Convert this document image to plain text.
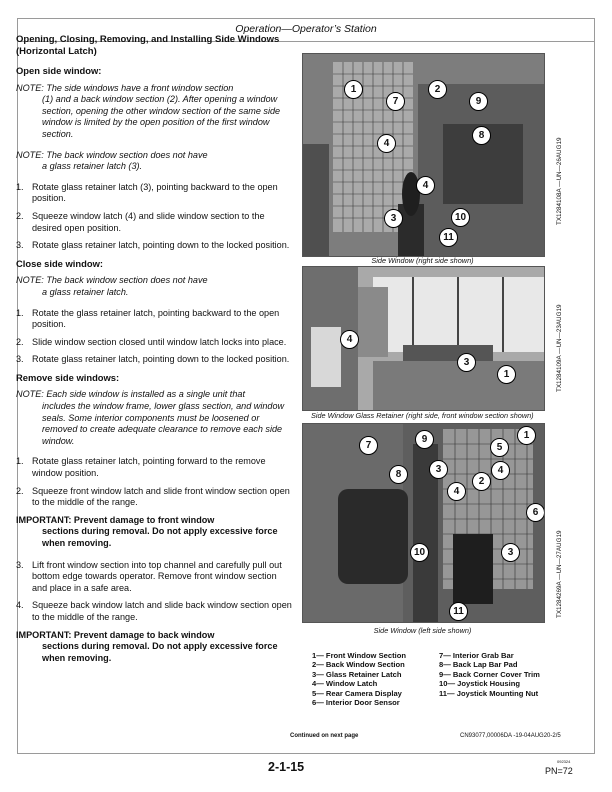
Operation—Operator’s Station
Opening, Closing, Removing, and Installing Side Windows (Horizontal Latch)
Open side window:
NOTE: The side windows have a front window section
(1) and a back window section (2). After opening a window section, opening the other window section of the same side window is limited by the open position of the first window section.
NOTE: The back window section does not have
a glass retainer latch (3).
1. Rotate glass retainer latch (3), pointing backward to the open position.
2. Squeeze window latch (4) and slide window section to the desired open position.
3. Rotate glass retainer latch, pointing down to the locked position.
Close side window:
NOTE: The back window section does not have
a glass retainer latch.
1. Rotate the glass retainer latch, pointing backward to the open position.
2. Slide window section closed until window latch locks into place.
3. Rotate glass retainer latch, pointing down to the locked position.
Remove side windows:
NOTE: Each side window is installed as a single unit that
includes the window frame, lower glass section, and window seals. Some interior components must be loosened or removed to create adequate clearance to remove each side window.
1. Rotate glass retainer latch, pointing forward to the remove window position.
2. Squeeze front window latch and slide front window section open to the middle of the range.
IMPORTANT: Prevent damage to front window
sections during removal. Do not apply excessive force when removing.
3. Lift front window section into top channel and carefully pull out bottom edge towards operator. Remove front window section and place in a safe area.
4. Squeeze back window latch and slide back window section open to the middle of the range.
IMPORTANT: Prevent damage to back window
sections during removal. Do not apply excessive force when removing.
1
7
2
9
4
8
4
3	10
11
Side Window (right side shown)
TX1284108A —UN—26AUG19
4
3
1
Side Window Glass Retainer (right side, front window section shown)
TX1284109A —UN—23AUG19
7
9
8	3
5
1
4
2
4
6
10	3
11
Side Window (left side shown)
TX1284269A —UN—27AUG19
1— Front Window Section
2— Back Window Section
3— Glass Retainer Latch
4— Window Latch
5— Rear Camera Display
6— Interior Door Sensor
7— Interior Grab Bar
8— Back Lap Bar Pad
9— Back Corner Cover Trim
10— Joystick Housing
11— Joystick Mounting Nut
Continued on next page	CN93077,00006DA -19-04AUG20-2/5
2-1-15	092324
PN=72
